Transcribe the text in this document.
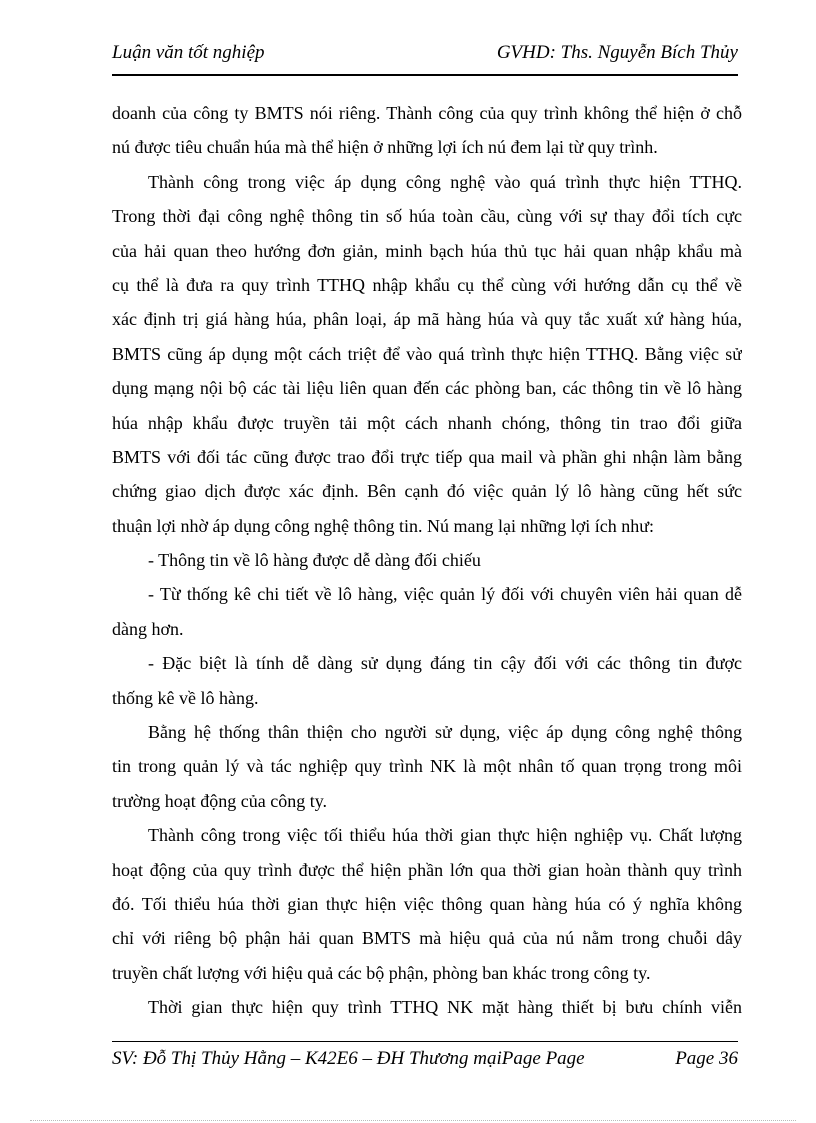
Luận văn tốt nghiệp	GVHD: Ths. Nguyễn Bích Thủy
doanh của công ty BMTS nói riêng. Thành công của quy trình không thể hiện ở chỗ
nú được tiêu chuẩn húa mà thể hiện ở những lợi ích nú đem lại từ quy trình.
Thành công trong việc áp dụng công nghệ vào quá trình thực hiện TTHQ.
Trong thời đại công nghệ thông tin số húa toàn cầu, cùng với sự thay đổi tích cực
của hải quan theo hướng đơn giản, minh bạch húa thủ tục hải quan nhập khẩu mà
cụ thể là đưa ra quy trình TTHQ nhập khẩu cụ thể cùng với hướng dẫn cụ thể về
xác định trị giá hàng húa, phân loại, áp mã hàng húa và quy tắc xuất xứ hàng húa,
BMTS cũng áp dụng một cách triệt để vào quá trình thực hiện TTHQ. Bằng việc sử
dụng mạng nội bộ các tài liệu liên quan đến các phòng ban, các thông tin về lô hàng
húa nhập khẩu được truyền tải một cách nhanh chóng, thông tin trao đổi giữa
BMTS với đối tác cũng được trao đổi trực tiếp qua mail và phần ghi nhận làm bằng
chứng giao dịch được xác định. Bên cạnh đó việc quản lý lô hàng cũng hết sức
thuận lợi nhờ áp dụng công nghệ thông tin. Nú mang lại những lợi ích như:
- Thông tin về lô hàng được dễ dàng đối chiếu
- Từ thống kê chi tiết về lô hàng, việc quản lý đối với chuyên viên hải quan dễ
dàng hơn.
- Đặc biệt là tính dễ dàng sử dụng đáng tin cậy đối với các thông tin được
thống kê về lô hàng.
Bằng hệ thống thân thiện cho người sử dụng, việc áp dụng công nghệ thông
tin trong quản lý và tác nghiệp quy trình NK là một nhân tố quan trọng trong môi
trường hoạt động của công ty.
Thành công trong việc tối thiểu húa thời gian thực hiện nghiệp vụ. Chất lượng
hoạt động của quy trình được thể hiện phần lớn qua thời gian hoàn thành quy trình
đó. Tối thiểu húa thời gian thực hiện việc thông quan hàng húa có ý nghĩa không
chỉ với riêng bộ phận hải quan BMTS mà hiệu quả của nú nằm trong chuỗi dây
truyền chất lượng với hiệu quả các bộ phận, phòng ban khác trong công ty.
Thời gian thực hiện quy trình TTHQ NK mặt hàng thiết bị bưu chính viễn
SV: Đỗ Thị Thủy Hằng – K42E6 – ĐH Thương mạiPage Page	Page 36
